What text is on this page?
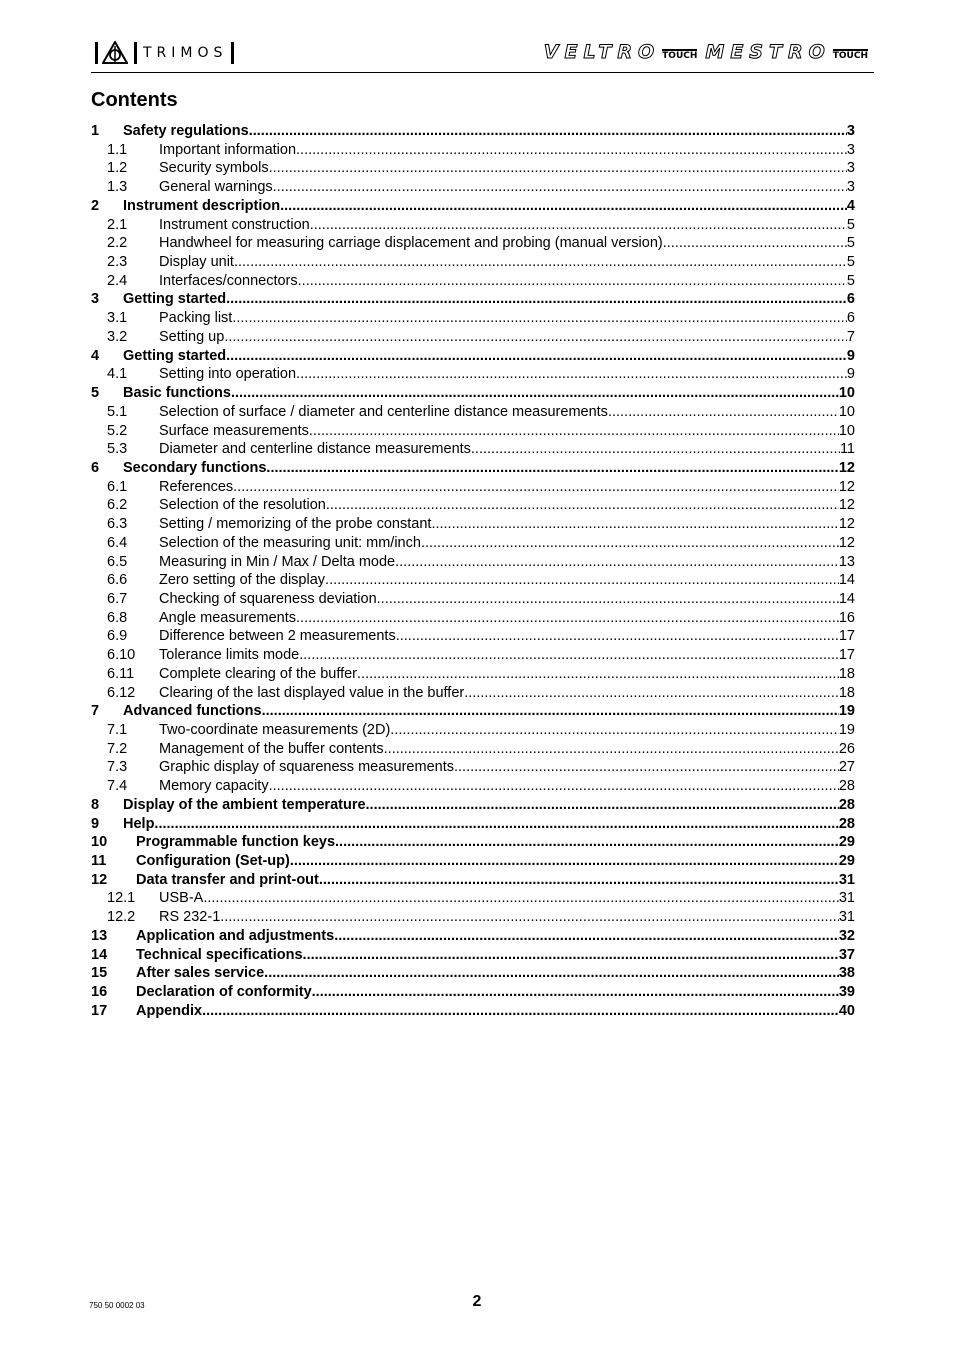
TRIMOS	VELTRO TOUCH MESTRO TOUCH
Contents
1	Safety regulations .....	3
1.1	Important information .....	3
1.2	Security symbols .....	3
1.3	General warnings .....	3
2	Instrument description .....	4
2.1	Instrument construction .....	5
2.2	Handwheel for measuring carriage displacement and probing (manual version) .....	5
2.3	Display unit .....	5
2.4	Interfaces/connectors .....	5
3	Getting started .....	6
3.1	Packing list .....	6
3.2	Setting up .....	7
4	Getting started .....	9
4.1	Setting into operation .....	9
5	Basic functions .....	10
5.1	Selection of surface / diameter and centerline distance measurements .....	10
5.2	Surface measurements .....	10
5.3	Diameter and centerline distance measurements .....	11
6	Secondary functions .....	12
6.1	References .....	12
6.2	Selection of the resolution .....	12
6.3	Setting / memorizing of the probe constant .....	12
6.4	Selection of the measuring unit: mm/inch .....	12
6.5	Measuring in Min / Max / Delta mode .....	13
6.6	Zero setting of the display .....	14
6.7	Checking of squareness deviation .....	14
6.8	Angle measurements .....	16
6.9	Difference between 2 measurements .....	17
6.10	Tolerance limits mode .....	17
6.11	Complete clearing of the buffer .....	18
6.12	Clearing of the last displayed value in the buffer .....	18
7	Advanced functions .....	19
7.1	Two-coordinate measurements (2D) .....	19
7.2	Management of the buffer contents .....	26
7.3	Graphic display of squareness measurements .....	27
7.4	Memory capacity .....	28
8	Display of the ambient temperature .....	28
9	Help .....	28
10	Programmable function keys .....	29
11	Configuration (Set-up) .....	29
12	Data transfer and print-out .....	31
12.1	USB-A .....	31
12.2	RS 232-1 .....	31
13	Application and adjustments .....	32
14	Technical specifications .....	37
15	After sales service .....	38
16	Declaration of conformity .....	39
17	Appendix .....	40
750 50 0002 03	2
